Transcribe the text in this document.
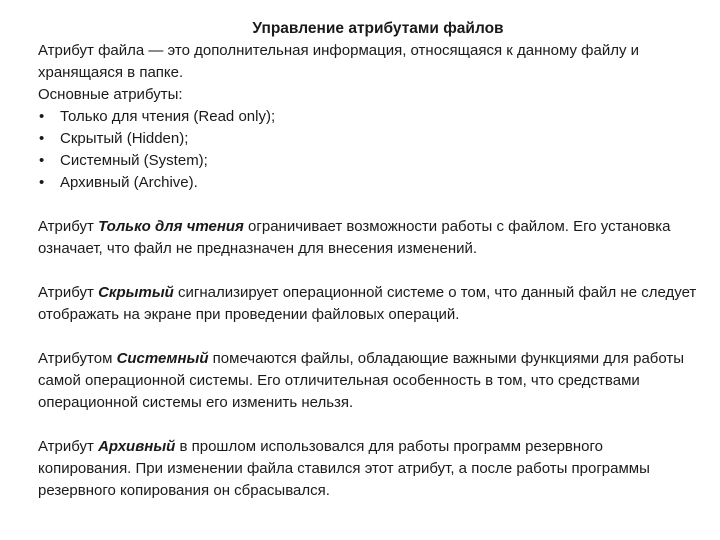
Управление атрибутами файлов

Атрибут файла — это дополнительная информация, относящаяся к данному файлу и хранящаяся в папке.

Основные атрибуты:

• Только для чтения (Read only);
• Скрытый (Hidden);
• Системный (System);
• Архивный (Archive).

Атрибут Только для чтения ограничивает возможности работы с файлом. Его установка означает, что файл не предназначен для внесения изменений.

Атрибут Скрытый сигнализирует операционной системе о том, что данный файл не следует отображать на экране при проведении файловых операций.

Атрибутом Системный помечаются файлы, обладающие важными функциями для работы самой операционной системы. Его отличительная особенность в том, что средствами операционной системы его изменить нельзя.

Атрибут Архивный в прошлом использовался для работы программ резервного копирования. При изменении файла ставился этот атрибут, а после работы программы резервного копирования он сбрасывался.
